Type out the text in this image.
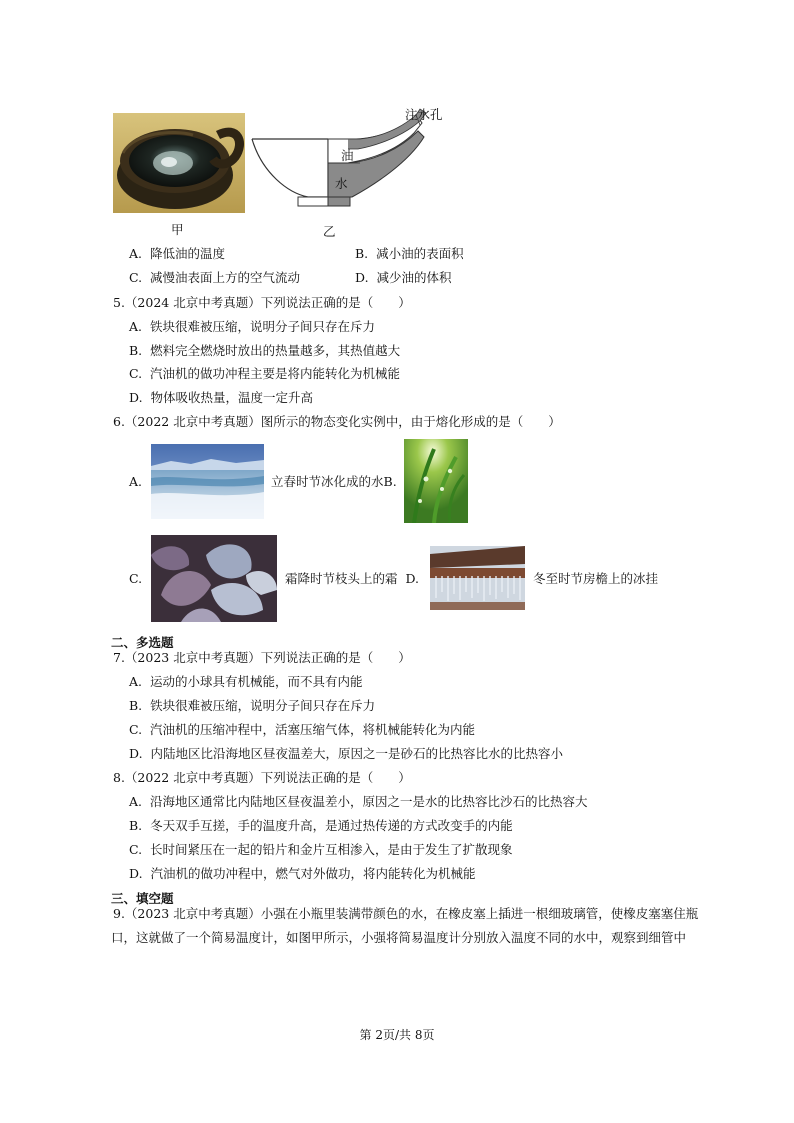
注水孔
油
水
甲	乙
A. 降低油的温度	B. 减小油的表面积
C. 减慢油表面上方的空气流动	D. 减少油的体积
5.（2024 北京中考真题）下列说法正确的是（　　）
A. 铁块很难被压缩，说明分子间只存在斥力
B. 燃料完全燃烧时放出的热量越多，其热值越大
C. 汽油机的做功冲程主要是将内能转化为机械能
D. 物体吸收热量，温度一定升高
6.（2022 北京中考真题）图所示的物态变化实例中，由于熔化形成的是（　　）
A.	立春时节冰化成的水B.
C.	霜降时节枝头上的霜 D.	冬至时节房檐上的冰挂
二、多选题
7.（2023 北京中考真题）下列说法正确的是（　　）
A. 运动的小球具有机械能，而不具有内能
B. 铁块很难被压缩，说明分子间只存在斥力
C. 汽油机的压缩冲程中，活塞压缩气体，将机械能转化为内能
D. 内陆地区比沿海地区昼夜温差大，原因之一是砂石的比热容比水的比热容小
8.（2022 北京中考真题）下列说法正确的是（　　）
A. 沿海地区通常比内陆地区昼夜温差小，原因之一是水的比热容比沙石的比热容大
B. 冬天双手互搓，手的温度升高，是通过热传递的方式改变手的内能
C. 长时间紧压在一起的铅片和金片互相渗入，是由于发生了扩散现象
D. 汽油机的做功冲程中，燃气对外做功，将内能转化为机械能
三、填空题
9.（2023 北京中考真题）小强在小瓶里装满带颜色的水，在橡皮塞上插进一根细玻璃管，使橡皮塞塞住瓶
口，这就做了一个简易温度计，如图甲所示，小强将简易温度计分别放入温度不同的水中，观察到细管中
第 2页/共 8页
